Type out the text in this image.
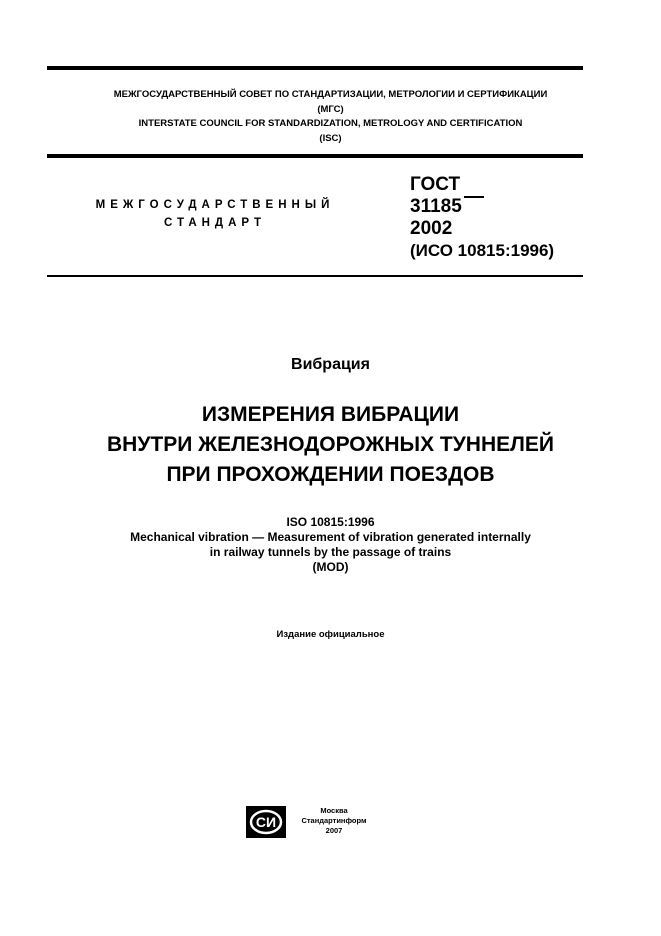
МЕЖГОСУДАРСТВЕННЫЙ СОВЕТ ПО СТАНДАРТИЗАЦИИ, МЕТРОЛОГИИ И СЕРТИФИКАЦИИ
(МГС)
INTERSTATE COUNCIL FOR STANDARDIZATION, METROLOGY AND CERTIFICATION
(ISC)
МЕЖГОСУДАРСТВЕННЫЙ
СТАНДАРТ
ГОСТ
31185
2002
(ИСО 10815:1996)
Вибрация
ИЗМЕРЕНИЯ ВИБРАЦИИ
ВНУТРИ ЖЕЛЕЗНОДОРОЖНЫХ ТУННЕЛЕЙ
ПРИ ПРОХОЖДЕНИИ ПОЕЗДОВ
ISO 10815:1996
Mechanical vibration — Measurement of vibration generated internally
in railway tunnels by the passage of trains
(MOD)
Издание официальное
СИ
Москва
Стандартинформ
2007
